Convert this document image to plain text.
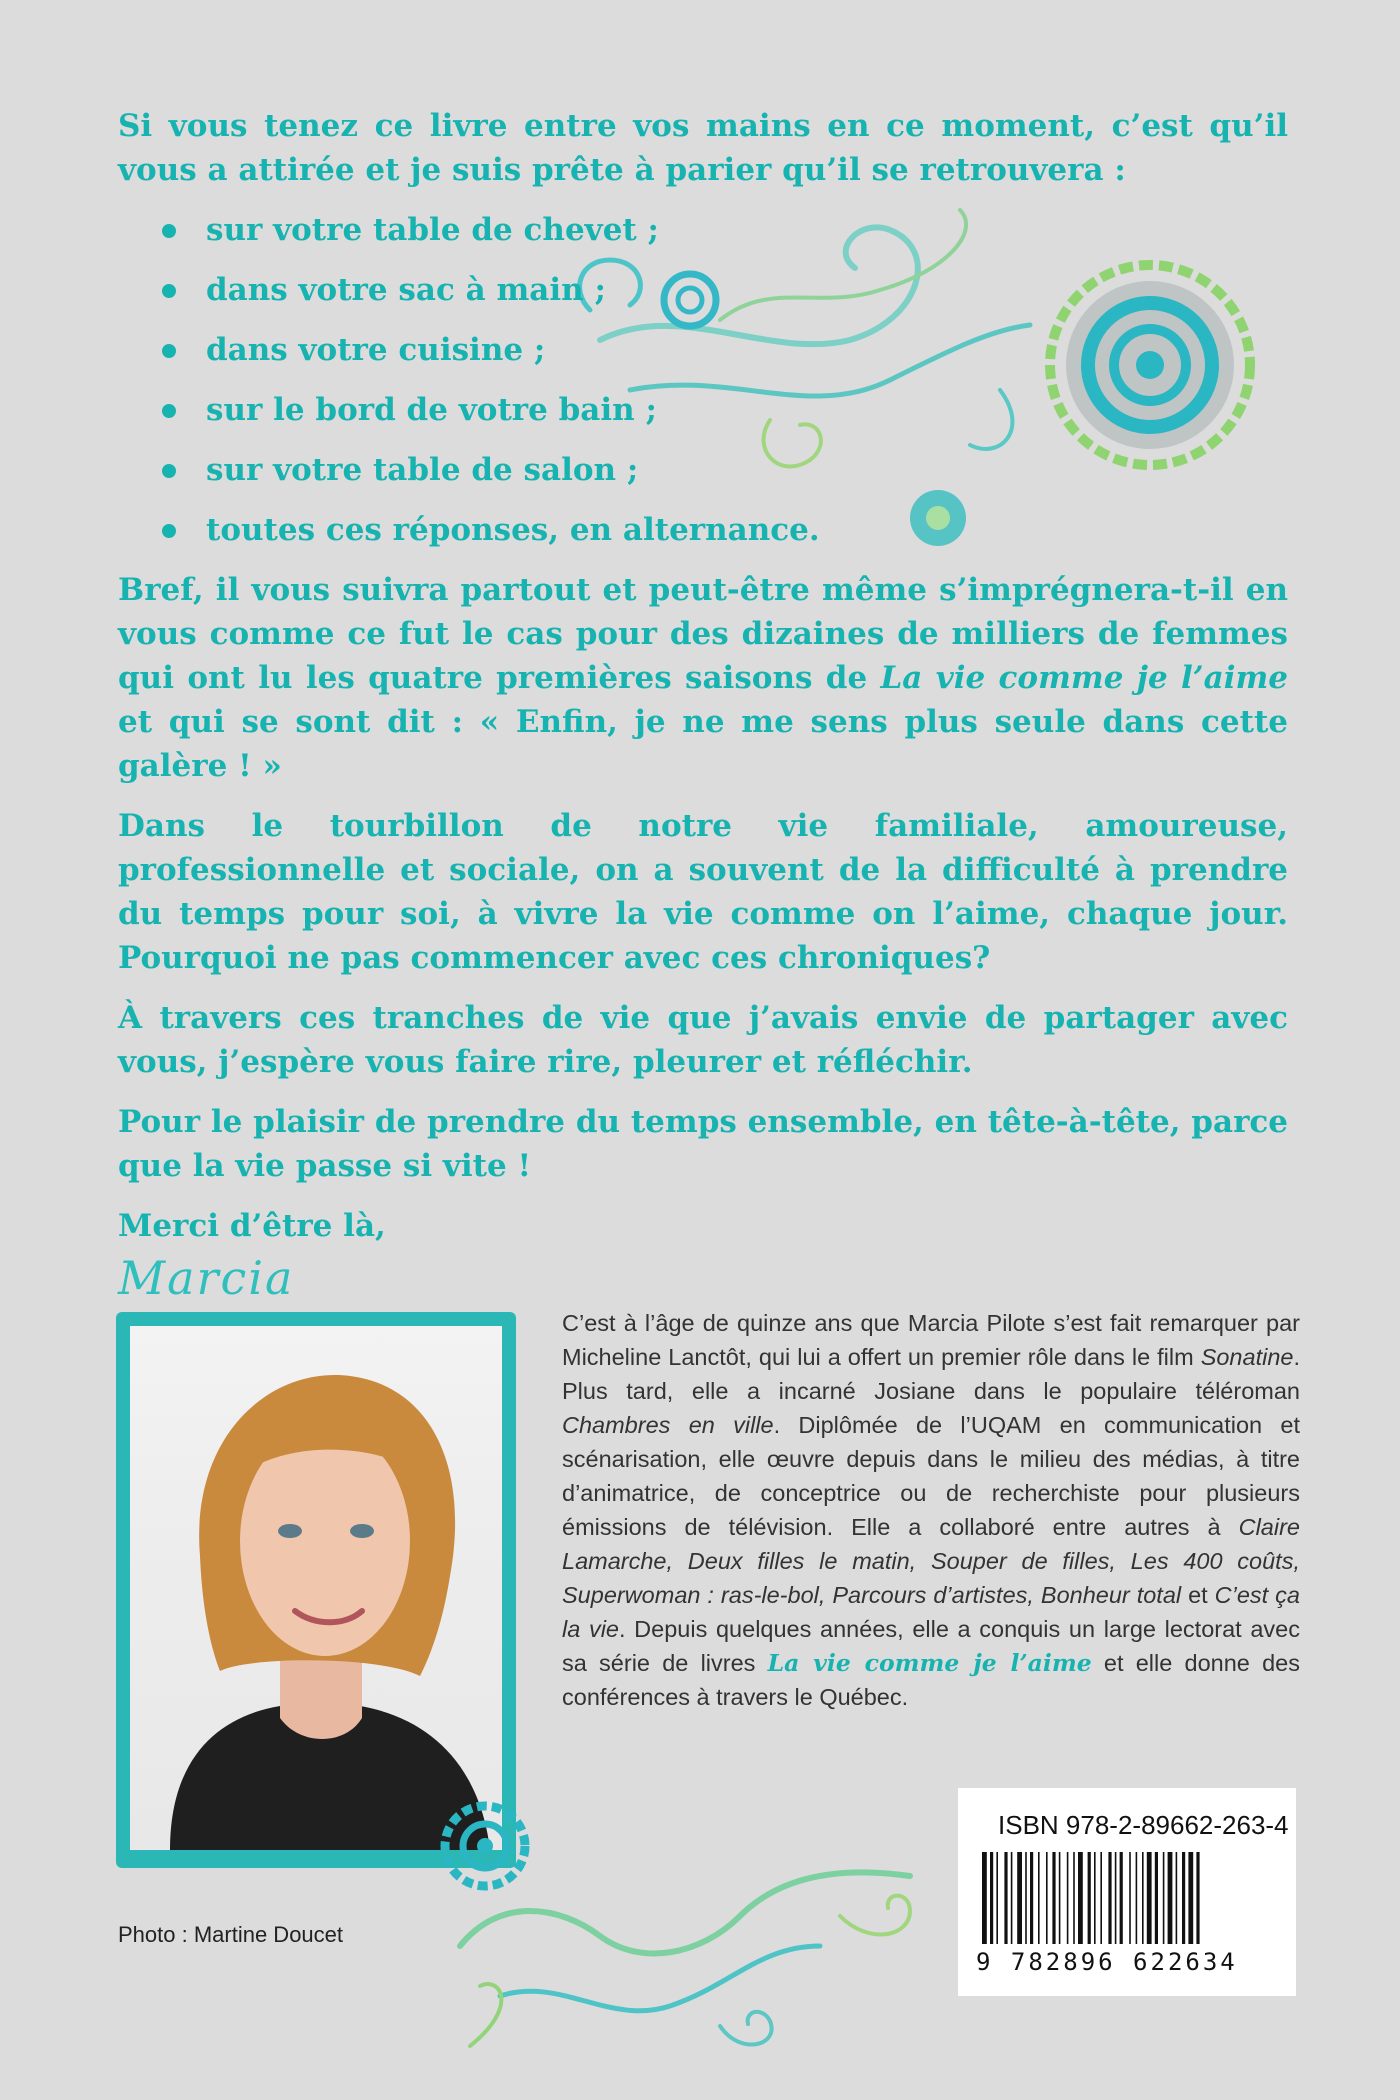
Si vous tenez ce livre entre vos mains en ce moment, c’est qu’il vous a attirée et je suis prête à parier qu’il se retrouvera :

sur votre table de chevet ;
dans votre sac à main ;
dans votre cuisine ;
sur le bord de votre bain ;
sur votre table de salon ;
toutes ces réponses, en alternance.

Bref, il vous suivra partout et peut-être même s’imprégnera-t-il en vous comme ce fut le cas pour des dizaines de milliers de femmes qui ont lu les quatre premières saisons de La vie comme je l’aime et qui se sont dit : « Enfin, je ne me sens plus seule dans cette galère ! »

Dans le tourbillon de notre vie familiale, amoureuse, professionnelle et sociale, on a souvent de la difficulté à prendre du temps pour soi, à vivre la vie comme on l’aime, chaque jour. Pourquoi ne pas commencer avec ces chroniques?

À travers ces tranches de vie que j’avais envie de partager avec vous, j’espère vous faire rire, pleurer et réfléchir.

Pour le plaisir de prendre du temps ensemble, en tête-à-tête, parce que la vie passe si vite !

Merci d’être là,

Marcia
Photo : Martine Doucet
C’est à l’âge de quinze ans que Marcia Pilote s’est fait remarquer par Micheline Lanctôt, qui lui a offert un premier rôle dans le film Sonatine. Plus tard, elle a incarné Josiane dans le populaire téléroman Chambres en ville. Diplômée de l’UQAM en communication et scénarisation, elle œuvre depuis dans le milieu des médias, à titre d’animatrice, de conceptrice ou de recherchiste pour plusieurs émissions de télévision. Elle a collaboré entre autres à Claire Lamarche, Deux filles le matin, Souper de filles, Les 400 coûts, Superwoman : ras-le-bol, Parcours d’artistes, Bonheur total et C’est ça la vie. Depuis quelques années, elle a conquis un large lectorat avec sa série de livres La vie comme je l’aime et elle donne des conférences à travers le Québec.
ISBN 978-2-89662-263-4
9 782896 622634
